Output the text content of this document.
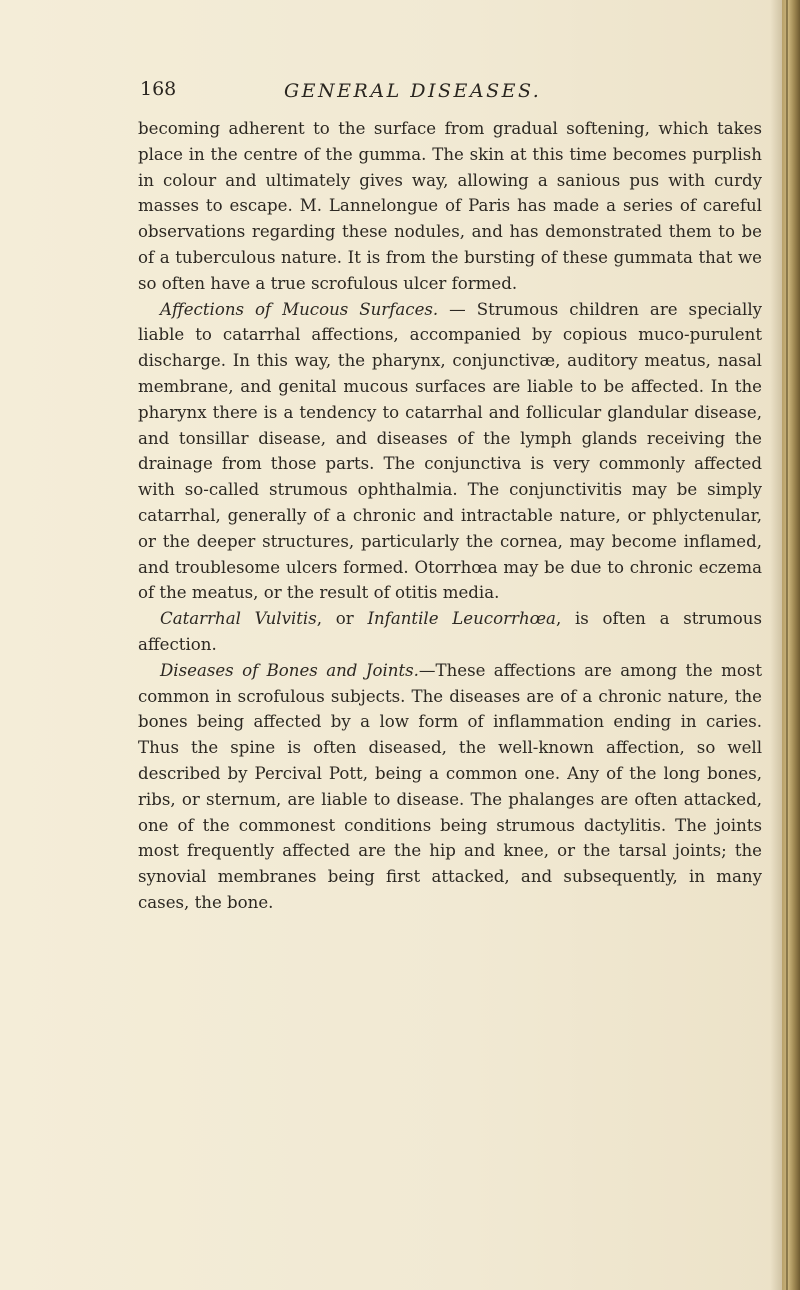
168	GENERAL DISEASES.

becoming adherent to the surface from gradual softening, which takes place in the centre of the gumma. The skin at this time becomes purplish in colour and ultimately gives way, allowing a sanious pus with curdy masses to escape. M. Lannelongue of Paris has made a series of careful observations regarding these nodules, and has demonstrated them to be of a tuberculous nature. It is from the bursting of these gummata that we so often have a true scrofulous ulcer formed.

Affections of Mucous Surfaces. — Strumous children are specially liable to catarrhal affections, accompanied by copious muco-purulent discharge. In this way, the pharynx, conjunctivæ, auditory meatus, nasal membrane, and genital mucous surfaces are liable to be affected. In the pharynx there is a tendency to catarrhal and follicular glandular disease, and tonsillar disease, and diseases of the lymph glands receiving the drainage from those parts. The conjunctiva is very commonly affected with so-called strumous ophthalmia. The conjunctivitis may be simply catarrhal, generally of a chronic and intractable nature, or phlyctenular, or the deeper structures, particularly the cornea, may become inflamed, and troublesome ulcers formed. Otorrhœa may be due to chronic eczema of the meatus, or the result of otitis media.

Catarrhal Vulvitis, or Infantile Leucorrhœa, is often a strumous affection.

Diseases of Bones and Joints.—These affections are among the most common in scrofulous subjects. The diseases are of a chronic nature, the bones being affected by a low form of inflammation ending in caries. Thus the spine is often diseased, the well-known affection, so well described by Percival Pott, being a common one. Any of the long bones, ribs, or sternum, are liable to disease. The phalanges are often attacked, one of the commonest conditions being strumous dactylitis. The joints most frequently affected are the hip and knee, or the tarsal joints; the synovial membranes being first attacked, and subsequently, in many cases, the bone.
